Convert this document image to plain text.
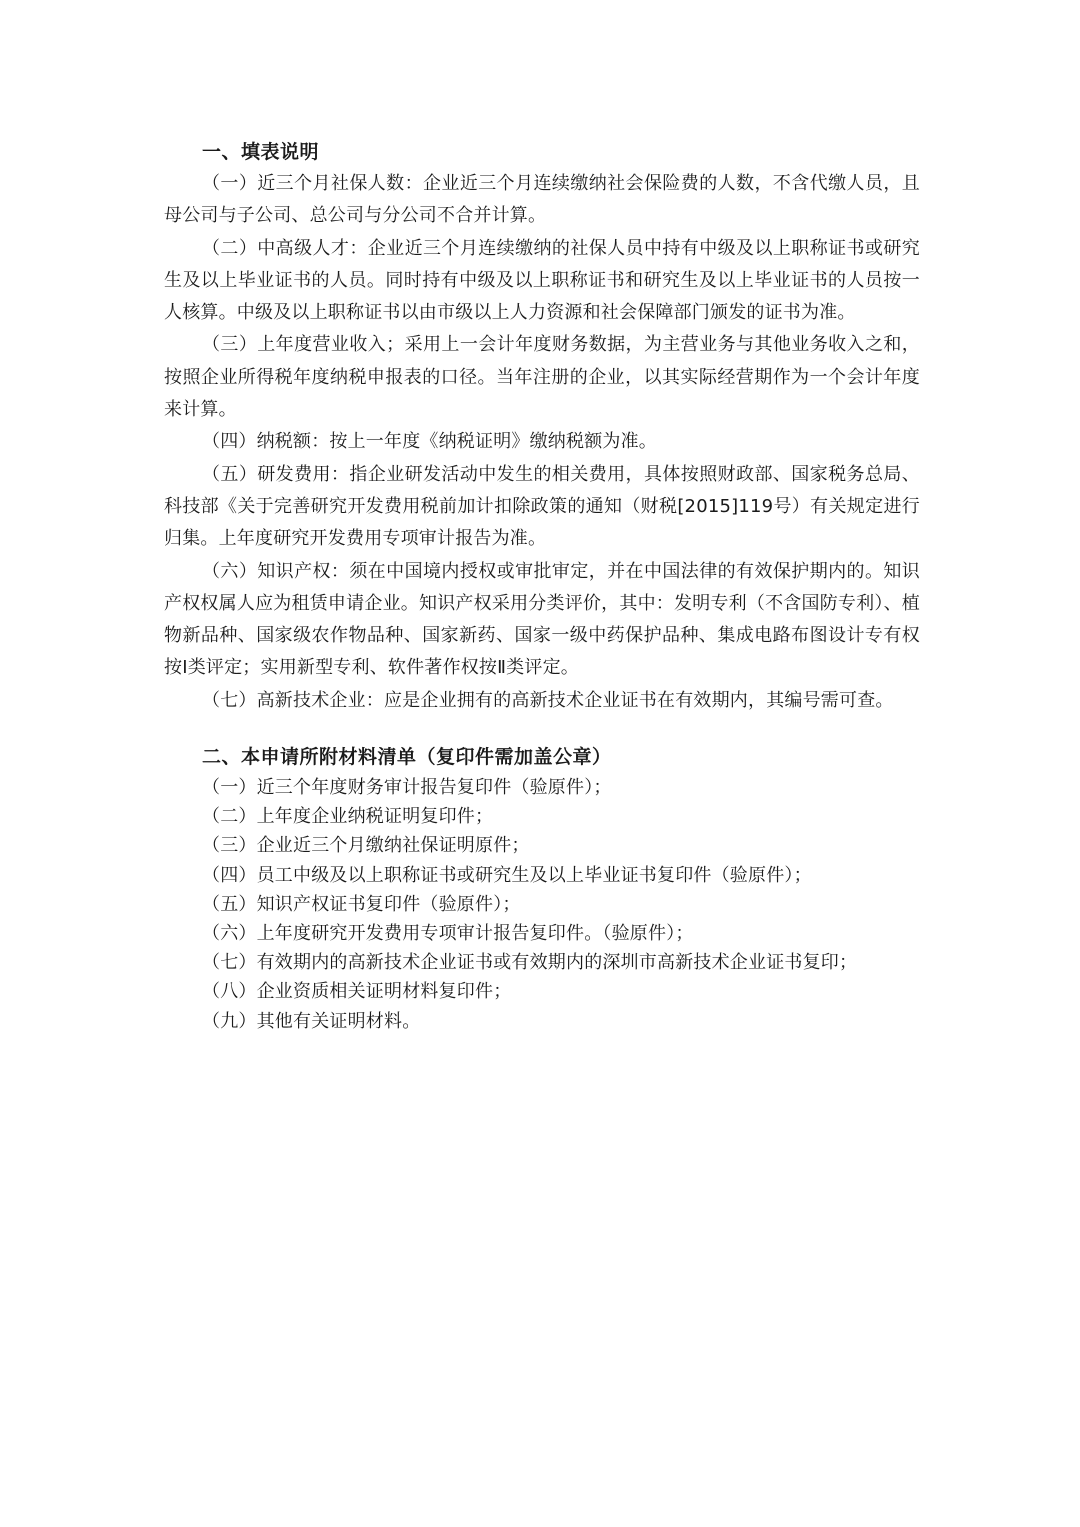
一、填表说明

（一）近三个月社保人数：企业近三个月连续缴纳社会保险费的人数，不含代缴人员，且母公司与子公司、总公司与分公司不合并计算。

（二）中高级人才：企业近三个月连续缴纳的社保人员中持有中级及以上职称证书或研究生及以上毕业证书的人员。同时持有中级及以上职称证书和研究生及以上毕业证书的人员按一人核算。中级及以上职称证书以由市级以上人力资源和社会保障部门颁发的证书为准。

（三）上年度营业收入；采用上一会计年度财务数据，为主营业务与其他业务收入之和，按照企业所得税年度纳税申报表的口径。当年注册的企业，以其实际经营期作为一个会计年度来计算。

（四）纳税额：按上一年度《纳税证明》缴纳税额为准。

（五）研发费用：指企业研发活动中发生的相关费用，具体按照财政部、国家税务总局、科技部《关于完善研究开发费用税前加计扣除政策的通知（财税[2015]119号）有关规定进行归集。上年度研究开发费用专项审计报告为准。

（六）知识产权：须在中国境内授权或审批审定，并在中国法律的有效保护期内的。知识产权权属人应为租赁申请企业。知识产权采用分类评价，其中：发明专利（不含国防专利）、植物新品种、国家级农作物品种、国家新药、国家一级中药保护品种、集成电路布图设计专有权按Ⅰ类评定；实用新型专利、软件著作权按Ⅱ类评定。

（七）高新技术企业：应是企业拥有的高新技术企业证书在有效期内，其编号需可查。

二、本申请所附材料清单（复印件需加盖公章）

（一）近三个年度财务审计报告复印件（验原件）；

（二）上年度企业纳税证明复印件；

（三）企业近三个月缴纳社保证明原件；

（四）员工中级及以上职称证书或研究生及以上毕业证书复印件（验原件）；

（五）知识产权证书复印件（验原件）；

（六）上年度研究开发费用专项审计报告复印件。（验原件）；

（七）有效期内的高新技术企业证书或有效期内的深圳市高新技术企业证书复印；

（八）企业资质相关证明材料复印件；

（九）其他有关证明材料。
